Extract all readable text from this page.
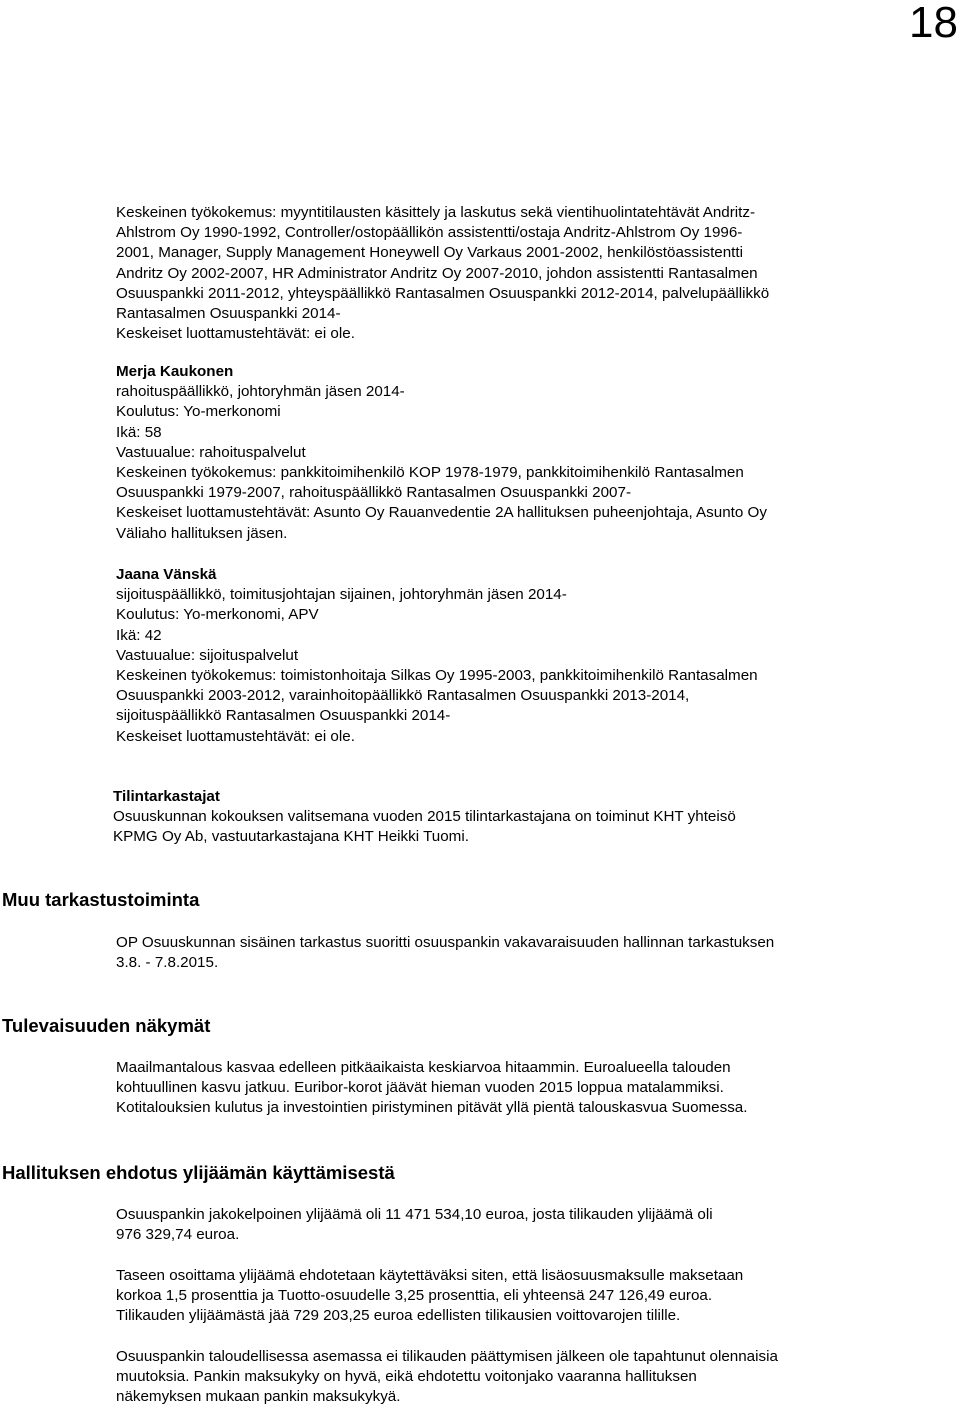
18
Keskeinen työkokemus: myyntitilausten käsittely ja laskutus sekä vientihuolintatehtävät Andritz-
Ahlstrom Oy 1990-1992, Controller/ostopäällikön assistentti/ostaja Andritz-Ahlstrom Oy 1996-
2001, Manager, Supply Management Honeywell Oy Varkaus 2001-2002, henkilöstöassistentti
Andritz Oy 2002-2007, HR Administrator Andritz Oy 2007-2010, johdon assistentti Rantasalmen
Osuuspankki 2011-2012, yhteyspäällikkö Rantasalmen Osuuspankki 2012-2014, palvelupäällikkö
Rantasalmen Osuuspankki 2014-
Keskeiset luottamustehtävät: ei ole.
Merja Kaukonen
rahoituspäällikkö, johtoryhmän jäsen 2014-
Koulutus: Yo-merkonomi
Ikä: 58
Vastuualue: rahoituspalvelut
Keskeinen työkokemus: pankkitoimihenkilö KOP 1978-1979, pankkitoimihenkilö Rantasalmen
Osuuspankki 1979-2007, rahoituspäällikkö Rantasalmen Osuuspankki 2007-
Keskeiset luottamustehtävät: Asunto Oy Rauanvedentie 2A hallituksen puheenjohtaja, Asunto Oy
Väliaho hallituksen jäsen.
Jaana Vänskä
sijoituspäällikkö, toimitusjohtajan sijainen, johtoryhmän jäsen 2014-
Koulutus: Yo-merkonomi, APV
Ikä: 42
Vastuualue: sijoituspalvelut
Keskeinen työkokemus: toimistonhoitaja Silkas Oy 1995-2003, pankkitoimihenkilö Rantasalmen
Osuuspankki 2003-2012, varainhoitopäällikkö Rantasalmen Osuuspankki 2013-2014,
sijoituspäällikkö Rantasalmen Osuuspankki 2014-
Keskeiset luottamustehtävät: ei ole.
Tilintarkastajat
Osuuskunnan kokouksen valitsemana vuoden 2015 tilintarkastajana on toiminut KHT yhteisö
KPMG Oy Ab, vastuutarkastajana KHT Heikki Tuomi.
Muu tarkastustoiminta
OP Osuuskunnan sisäinen tarkastus suoritti osuuspankin vakavaraisuuden hallinnan tarkastuksen
3.8. - 7.8.2015.
Tulevaisuuden näkymät
Maailmantalous kasvaa edelleen pitkäaikaista keskiarvoa hitaammin. Euroalueella talouden
kohtuullinen kasvu jatkuu. Euribor-korot jäävät hieman vuoden 2015 loppua matalammiksi.
Kotitalouksien kulutus ja investointien piristyminen pitävät yllä pientä talouskasvua Suomessa.
Hallituksen ehdotus ylijäämän käyttämisestä
Osuuspankin jakokelpoinen ylijäämä oli 11 471 534,10 euroa, josta tilikauden ylijäämä oli
976 329,74 euroa.
Taseen osoittama ylijäämä ehdotetaan käytettäväksi siten, että lisäosuusmaksulle maksetaan
korkoa 1,5 prosenttia ja Tuotto-osuudelle 3,25 prosenttia, eli yhteensä 247 126,49 euroa.
Tilikauden ylijäämästä jää 729 203,25 euroa edellisten tilikausien voittovarojen tilille.
Osuuspankin taloudellisessa asemassa ei tilikauden päättymisen jälkeen ole tapahtunut olennaisia
muutoksia. Pankin maksukyky on hyvä, eikä ehdotettu voitonjako vaaranna hallituksen
näkemyksen mukaan pankin maksukykyä.
